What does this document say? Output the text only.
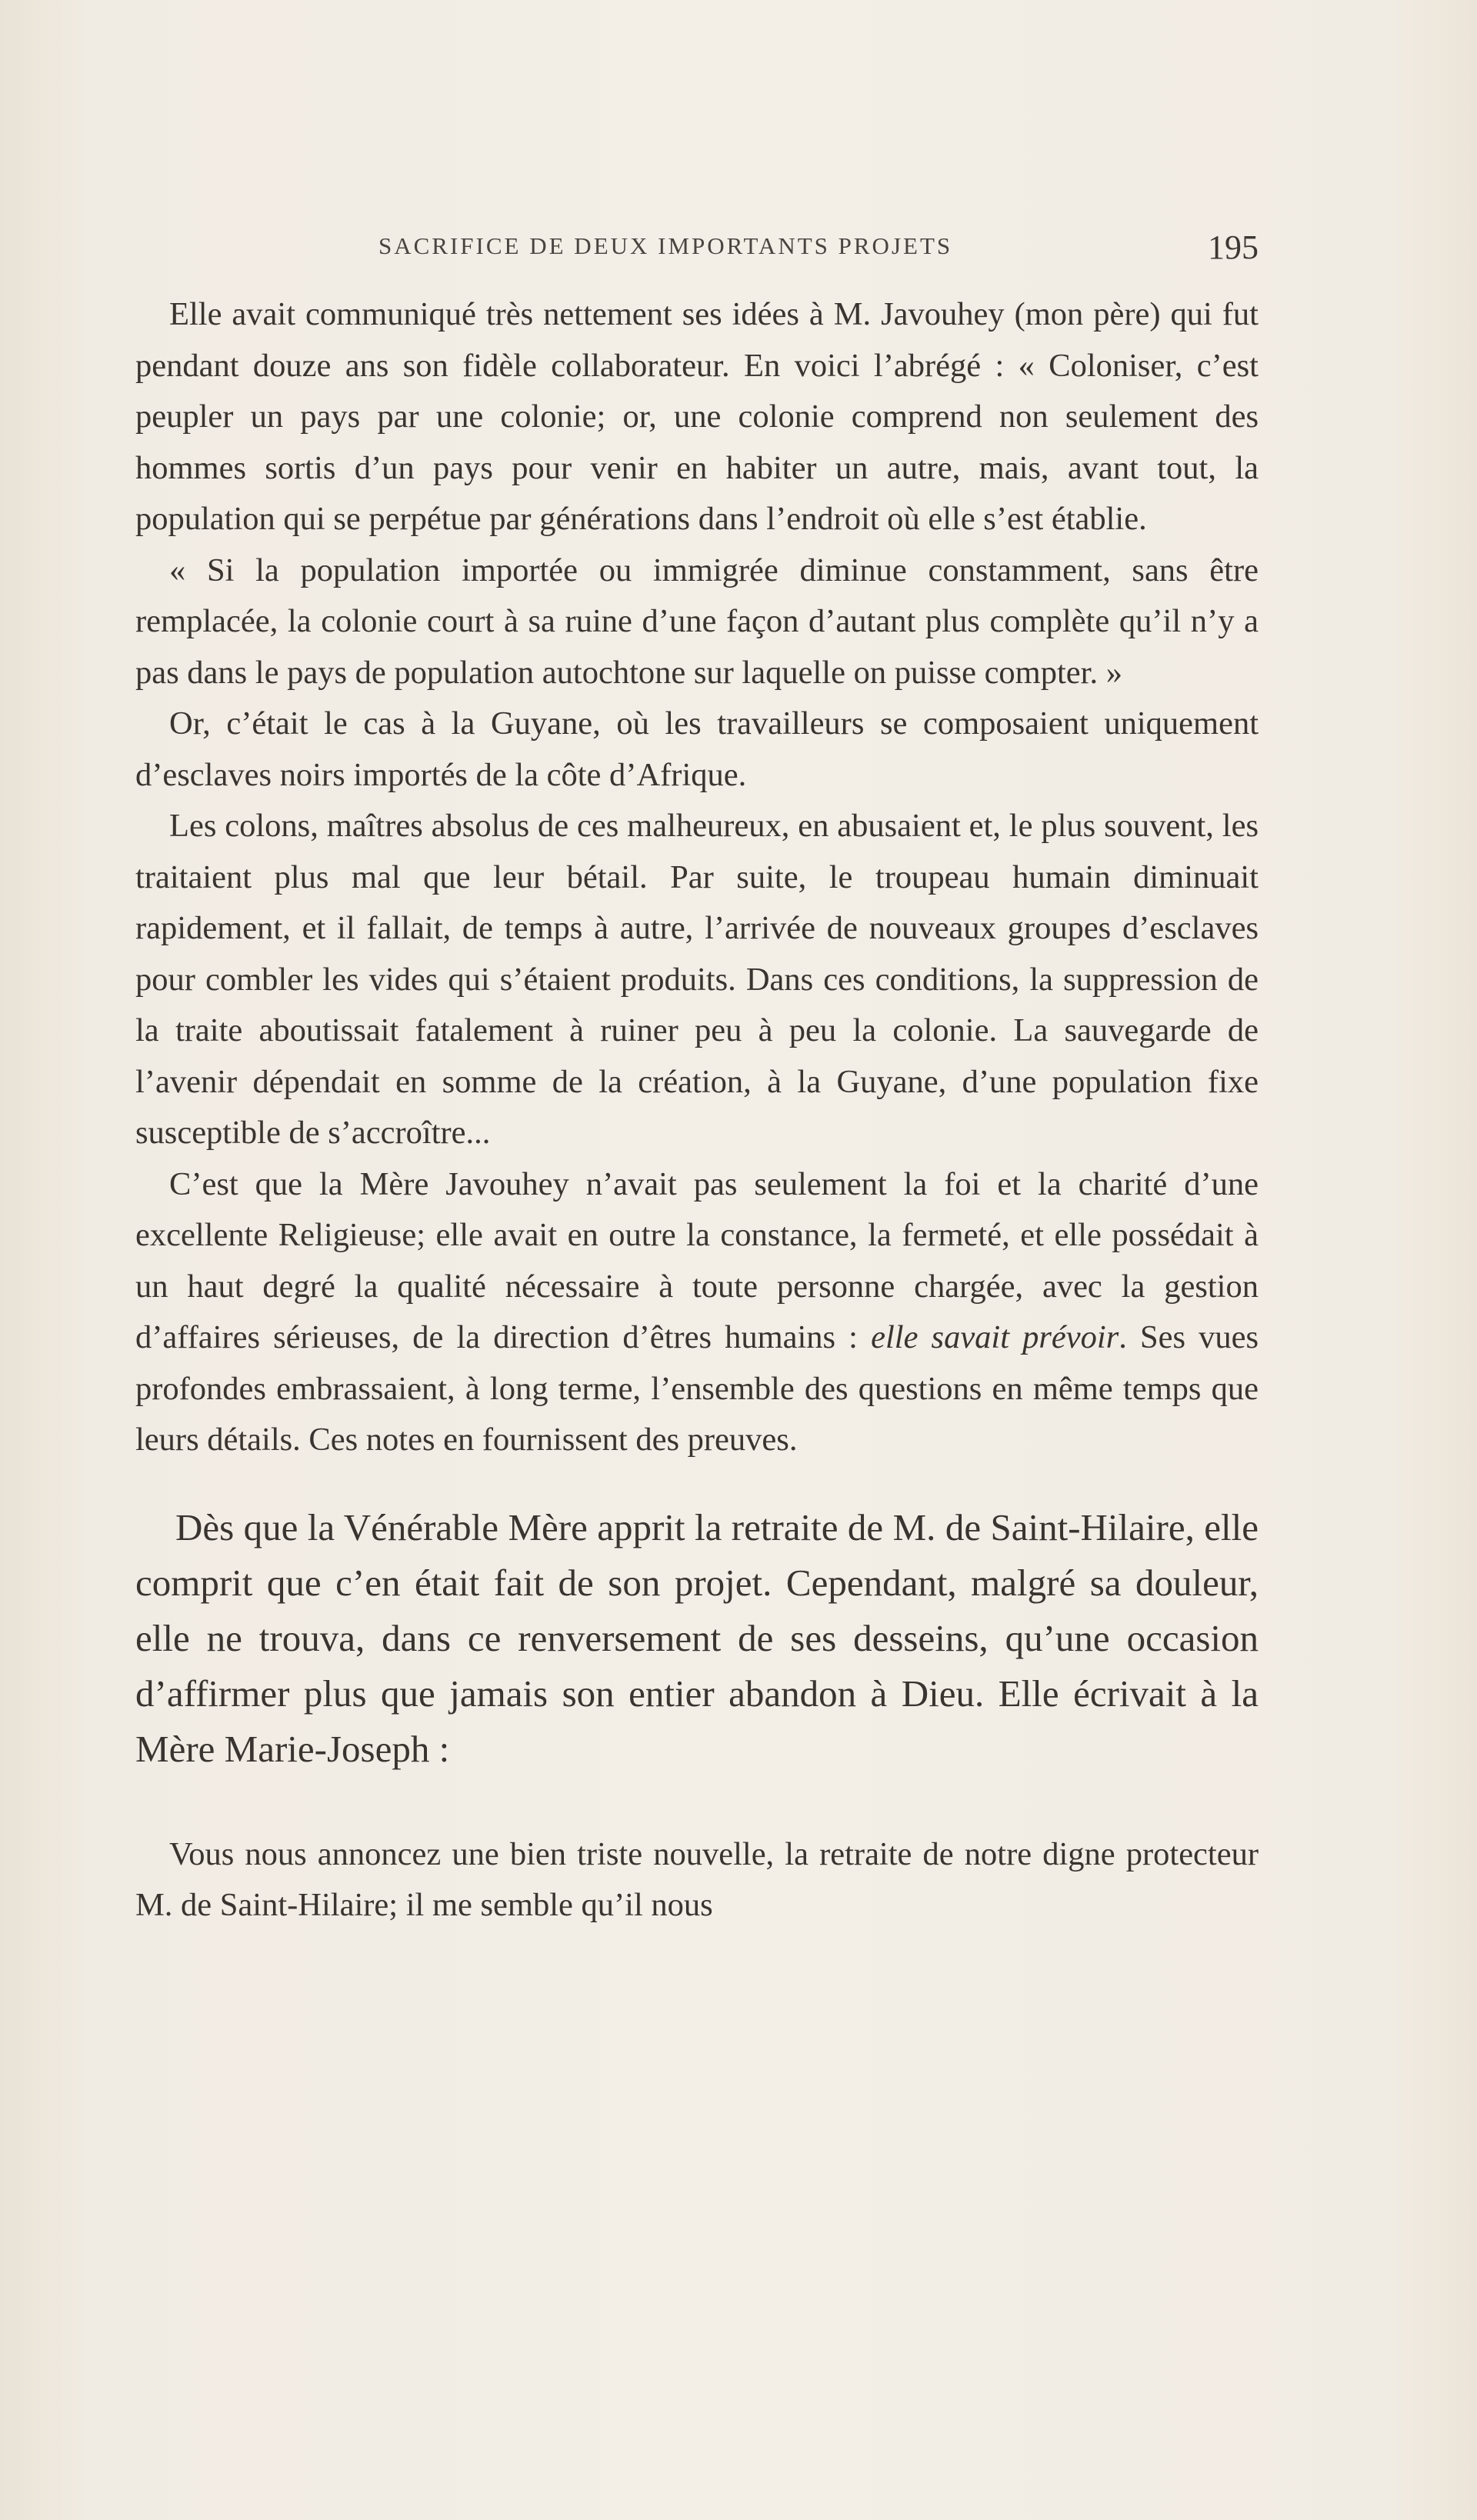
SACRIFICE DE DEUX IMPORTANTS PROJETS	195

Elle avait communiqué très nettement ses idées à M. Javouhey (mon père) qui fut pendant douze ans son fidèle collaborateur. En voici l’abrégé : « Coloniser, c’est peupler un pays par une colonie; or, une colonie comprend non seulement des hommes sortis d’un pays pour venir en habiter un autre, mais, avant tout, la population qui se perpétue par générations dans l’endroit où elle s’est établie.

« Si la population importée ou immigrée diminue constamment, sans être remplacée, la colonie court à sa ruine d’une façon d’autant plus complète qu’il n’y a pas dans le pays de population autochtone sur laquelle on puisse compter. »

Or, c’était le cas à la Guyane, où les travailleurs se composaient uniquement d’esclaves noirs importés de la côte d’Afrique.

Les colons, maîtres absolus de ces malheureux, en abusaient et, le plus souvent, les traitaient plus mal que leur bétail. Par suite, le troupeau humain diminuait rapidement, et il fallait, de temps à autre, l’arrivée de nouveaux groupes d’esclaves pour combler les vides qui s’étaient produits. Dans ces conditions, la suppression de la traite aboutissait fatalement à ruiner peu à peu la colonie. La sauvegarde de l’avenir dépendait en somme de la création, à la Guyane, d’une population fixe susceptible de s’accroître...

C’est que la Mère Javouhey n’avait pas seulement la foi et la charité d’une excellente Religieuse; elle avait en outre la constance, la fermeté, et elle possédait à un haut degré la qualité nécessaire à toute personne chargée, avec la gestion d’affaires sérieuses, de la direction d’êtres humains : elle savait prévoir. Ses vues profondes embrassaient, à long terme, l’ensemble des questions en même temps que leurs détails. Ces notes en fournissent des preuves.

Dès que la Vénérable Mère apprit la retraite de M. de Saint-Hilaire, elle comprit que c’en était fait de son projet. Cependant, malgré sa douleur, elle ne trouva, dans ce renversement de ses desseins, qu’une occasion d’affirmer plus que jamais son entier abandon à Dieu. Elle écrivait à la Mère Marie-Joseph :

Vous nous annoncez une bien triste nouvelle, la retraite de notre digne protecteur M. de Saint-Hilaire; il me semble qu’il nous
